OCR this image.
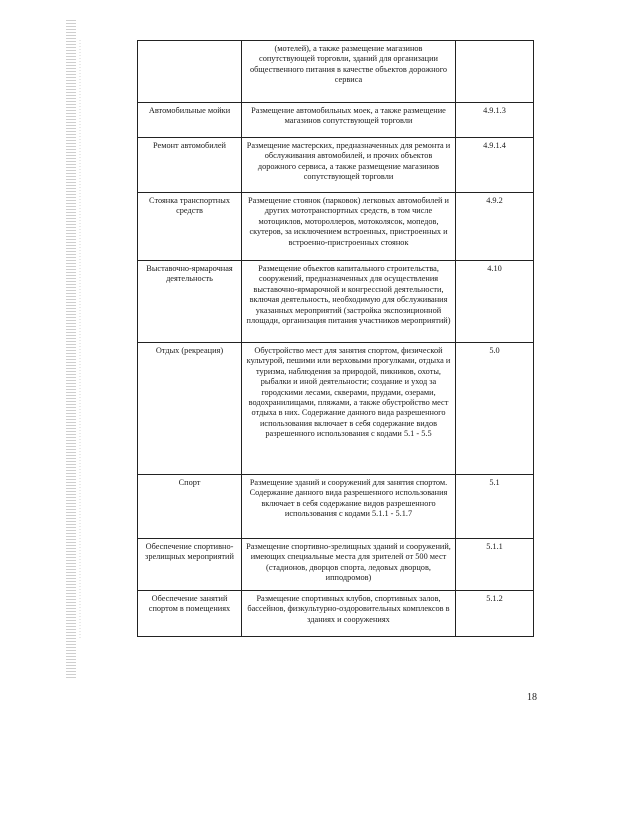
	(мотелей), а также размещение магазинов сопутствующей торговли, зданий для организации общественного питания в качестве объектов дорожного сервиса	
Автомобильные мойки	Размещение автомобильных моек, а также размещение магазинов сопутствующей торговли	4.9.1.3
Ремонт автомобилей	Размещение мастерских, предназначенных для ремонта и обслуживания автомобилей, и прочих объектов дорожного сервиса, а также размещение магазинов сопутствующей торговли	4.9.1.4
Стоянка транспортных средств	Размещение стоянок (парковок) легковых автомобилей и других мототранспортных средств, в том числе мотоциклов, мотороллеров, мотоколясок, мопедов, скутеров, за исключением встроенных, пристроенных и встроенно-пристроенных стоянок	4.9.2
Выставочно-ярмарочная деятельность	Размещение объектов капитального строительства, сооружений, предназначенных для осуществления выставочно-ярмарочной и конгрессной деятельности, включая деятельность, необходимую для обслуживания указанных мероприятий (застройка экспозиционной площади, организация питания участников мероприятий)	4.10
Отдых (рекреация)	Обустройство мест для занятия спортом, физической культурой, пешими или верховыми прогулками, отдыха и туризма, наблюдения за природой, пикников, охоты, рыбалки и иной деятельности; создание и уход за городскими лесами, скверами, прудами, озерами, водохранилищами, пляжами, а также обустройство мест отдыха в них. Содержание данного вида разрешенного использования включает в себя содержание видов разрешенного использования с кодами 5.1 - 5.5	5.0
Спорт	Размещение зданий и сооружений для занятия спортом. Содержание данного вида разрешенного использования включает в себя содержание видов разрешенного использования с кодами 5.1.1 - 5.1.7	5.1
Обеспечение спортивно-зрелищных мероприятий	Размещение спортивно-зрелищных зданий и сооружений, имеющих специальные места для зрителей от 500 мест (стадионов, дворцов спорта, ледовых дворцов, ипподромов)	5.1.1
Обеспечение занятий спортом в помещениях	Размещение спортивных клубов, спортивных залов, бассейнов, физкультурно-оздоровительных комплексов в зданиях и сооружениях	5.1.2
18
